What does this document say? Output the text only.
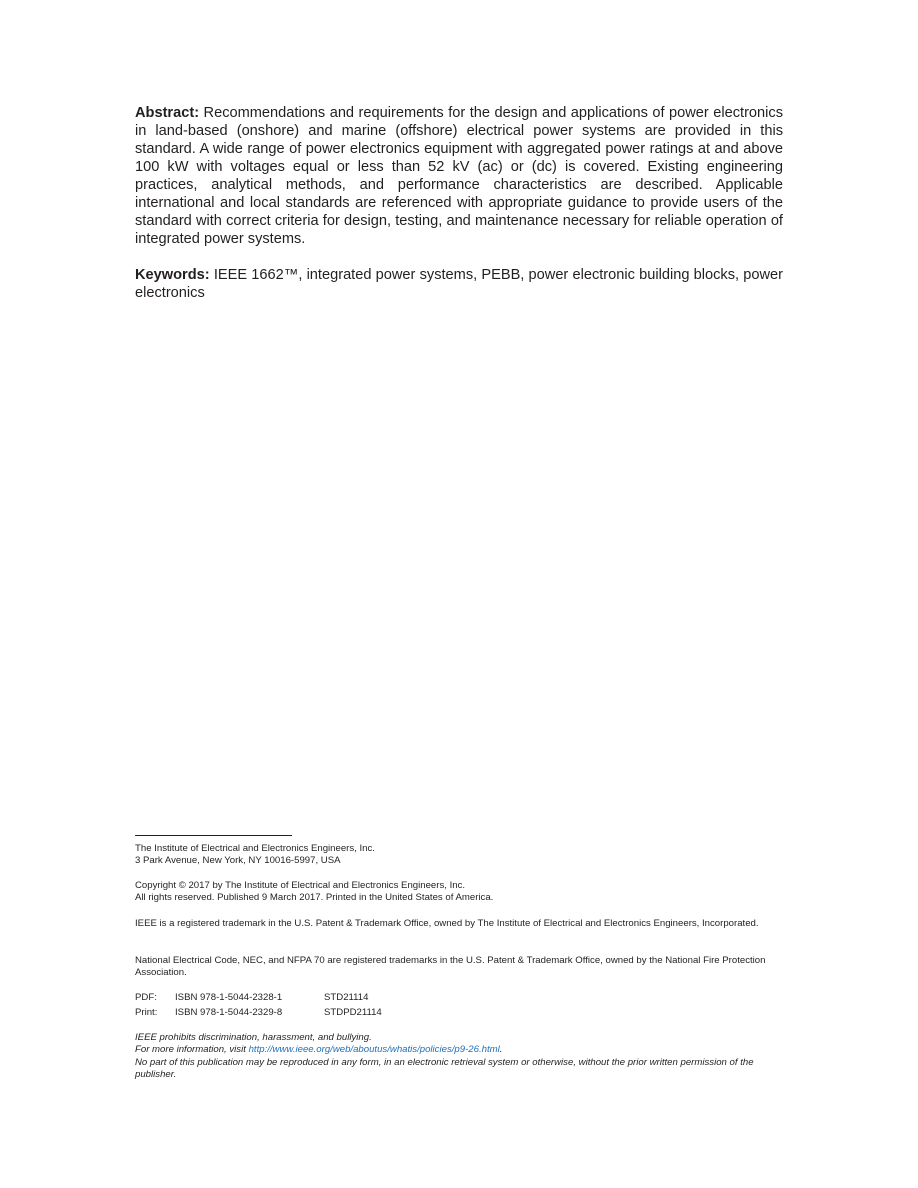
Abstract: Recommendations and requirements for the design and applications of power electronics in land-based (onshore) and marine (offshore) electrical power systems are provided in this standard. A wide range of power electronics equipment with aggregated power ratings at and above 100 kW with voltages equal or less than 52 kV (ac) or (dc) is covered. Existing engineering practices, analytical methods, and performance characteristics are described. Applicable international and local standards are referenced with appropriate guidance to provide users of the standard with correct criteria for design, testing, and maintenance necessary for reliable operation of integrated power systems.

Keywords: IEEE 1662™, integrated power systems, PEBB, power electronic building blocks, power electronics

The Institute of Electrical and Electronics Engineers, Inc.

3 Park Avenue, New York, NY 10016-5997, USA

Copyright © 2017 by The Institute of Electrical and Electronics Engineers, Inc.

All rights reserved. Published 9 March 2017. Printed in the United States of America.

IEEE is a registered trademark in the U.S. Patent & Trademark Office, owned by The Institute of Electrical and Electronics Engineers, Incorporated.

National Electrical Code, NEC, and NFPA 70 are registered trademarks in the U.S. Patent & Trademark Office, owned by the National Fire Protection Association.

PDF:	ISBN 978-1-5044-2328-1	STD21114
Print:	ISBN 978-1-5044-2329-8	STDPD21114

IEEE prohibits discrimination, harassment, and bullying.

For more information, visit http://www.ieee.org/web/aboutus/whatis/policies/p9-26.html.

No part of this publication may be reproduced in any form, in an electronic retrieval system or otherwise, without the prior written permission of the publisher.
